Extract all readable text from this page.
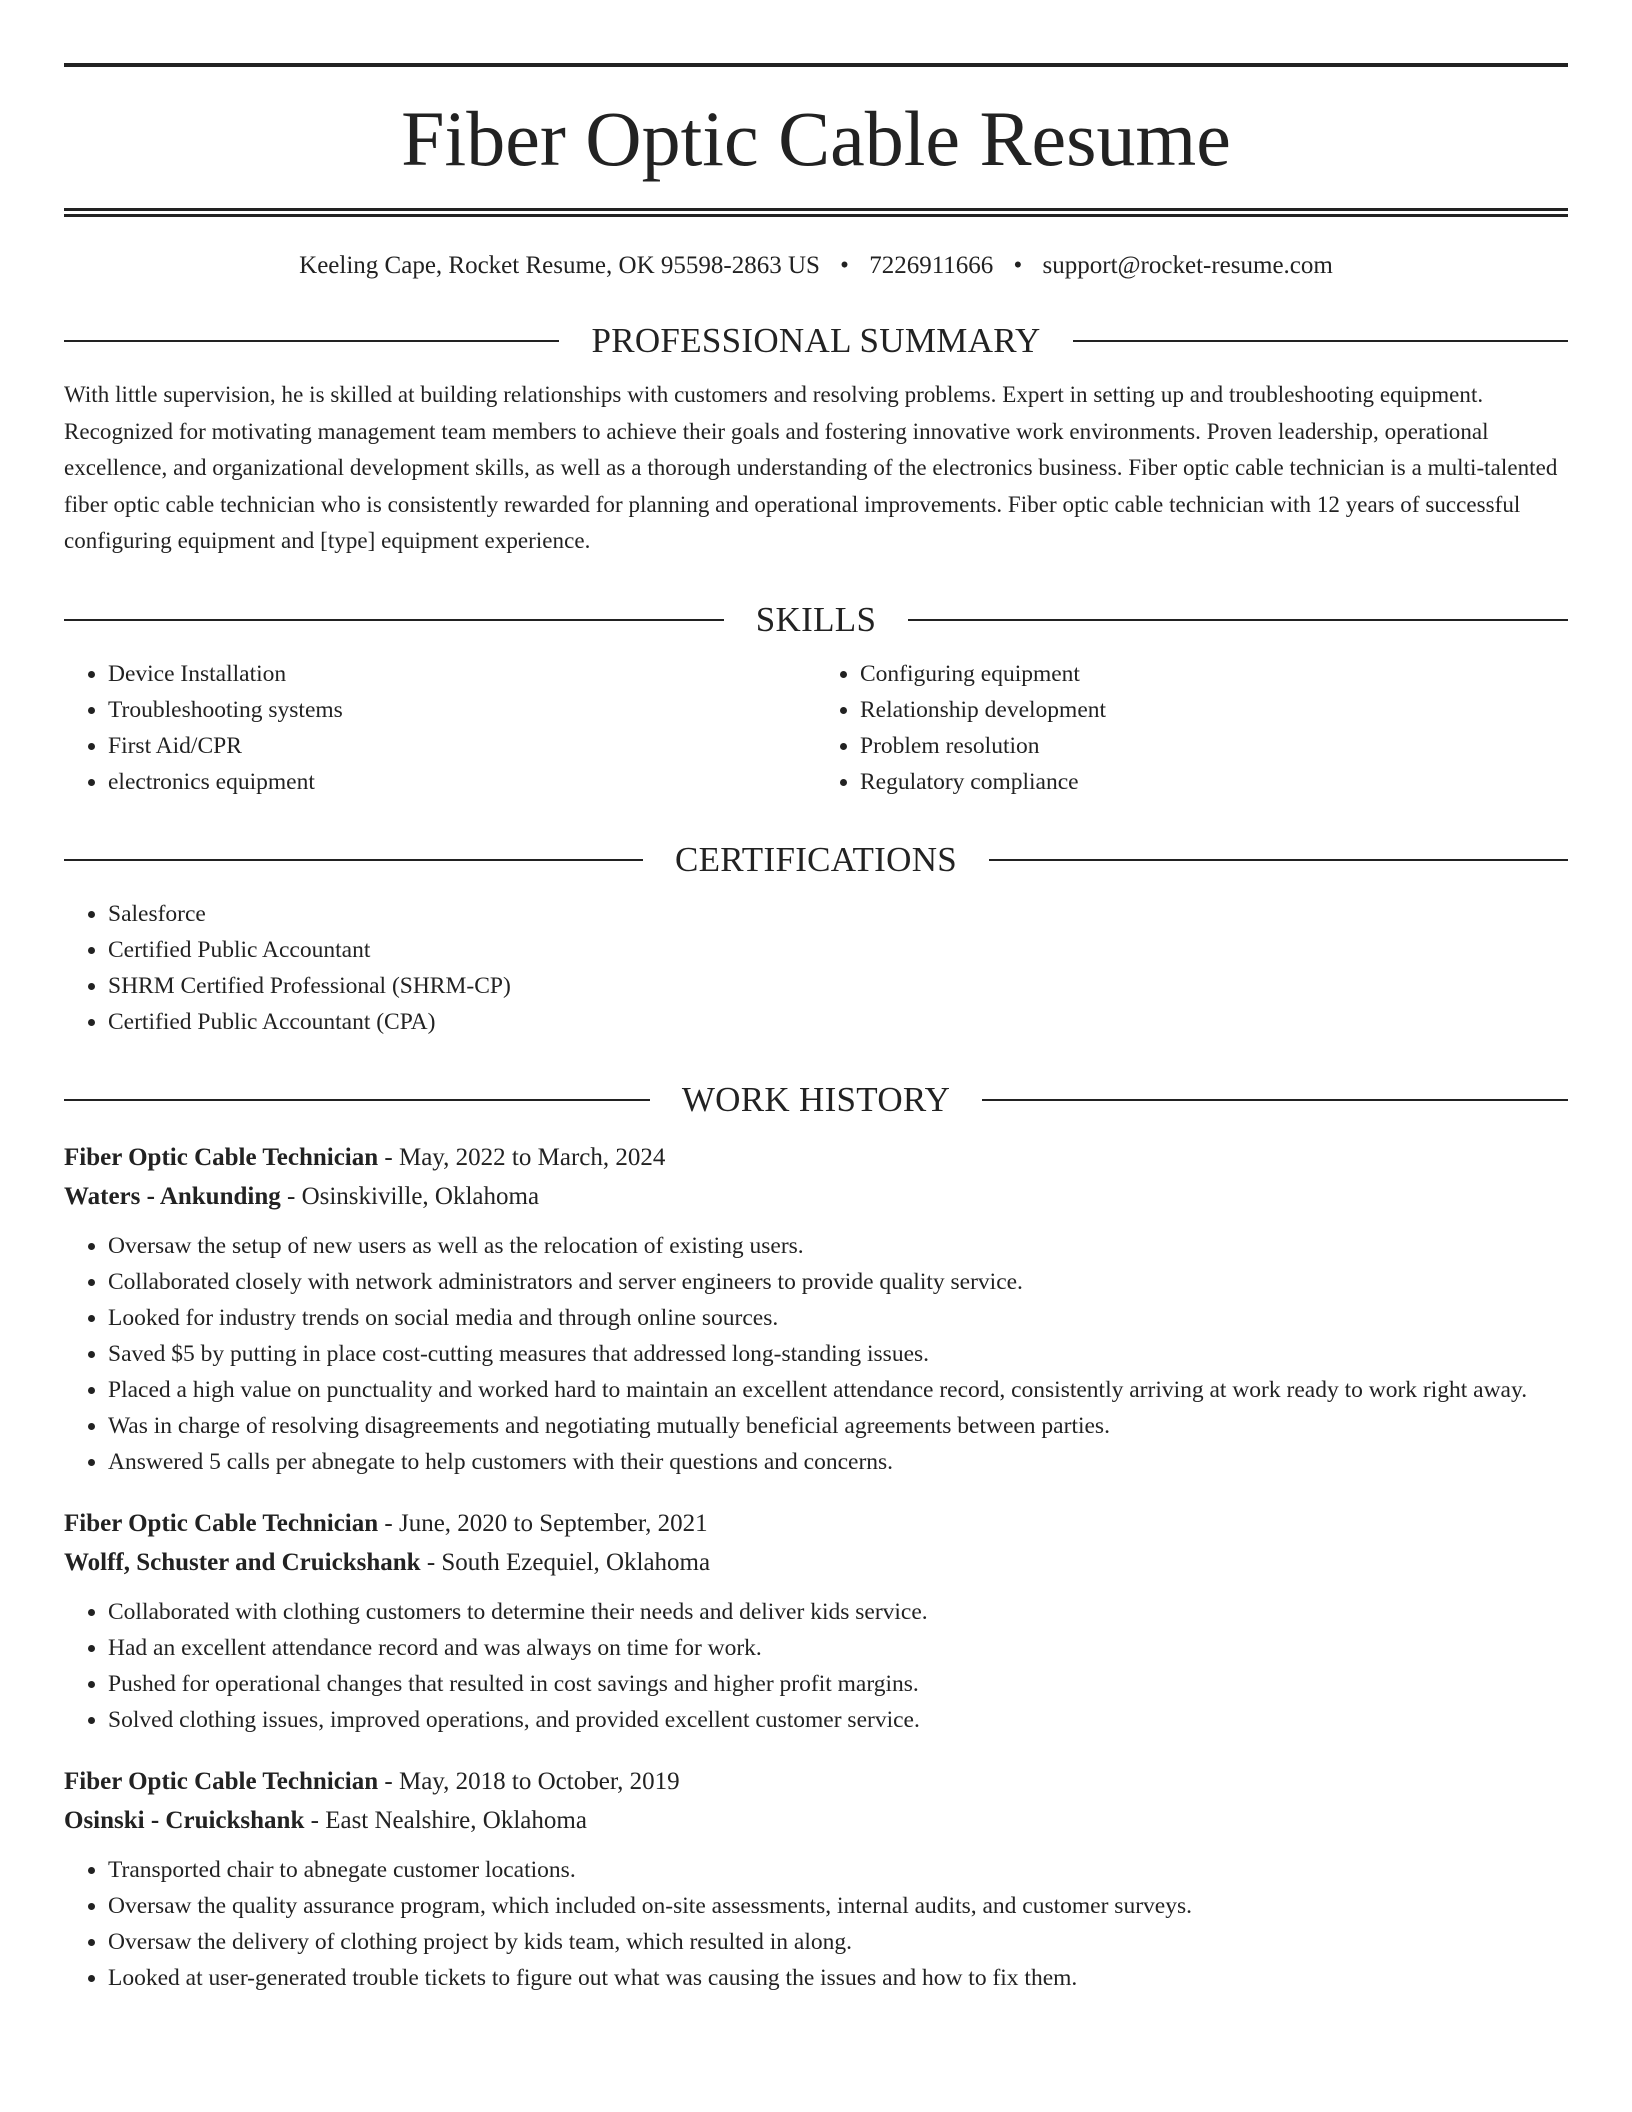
Fiber Optic Cable Resume
Keeling Cape, Rocket Resume, OK 95598-2863 US • 7226911666 • support@rocket-resume.com
PROFESSIONAL SUMMARY
With little supervision, he is skilled at building relationships with customers and resolving problems. Expert in setting up and troubleshooting equipment. Recognized for motivating management team members to achieve their goals and fostering innovative work environments. Proven leadership, operational excellence, and organizational development skills, as well as a thorough understanding of the electronics business. Fiber optic cable technician is a multi-talented fiber optic cable technician who is consistently rewarded for planning and operational improvements. Fiber optic cable technician with 12 years of successful configuring equipment and [type] equipment experience.
SKILLS
• Device Installation
• Troubleshooting systems
• First Aid/CPR
• electronics equipment
• Configuring equipment
• Relationship development
• Problem resolution
• Regulatory compliance
CERTIFICATIONS
• Salesforce
• Certified Public Accountant
• SHRM Certified Professional (SHRM-CP)
• Certified Public Accountant (CPA)
WORK HISTORY
Fiber Optic Cable Technician - May, 2022 to March, 2024
Waters - Ankunding - Osinskiville, Oklahoma
• Oversaw the setup of new users as well as the relocation of existing users.
• Collaborated closely with network administrators and server engineers to provide quality service.
• Looked for industry trends on social media and through online sources.
• Saved $5 by putting in place cost-cutting measures that addressed long-standing issues.
• Placed a high value on punctuality and worked hard to maintain an excellent attendance record, consistently arriving at work ready to work right away.
• Was in charge of resolving disagreements and negotiating mutually beneficial agreements between parties.
• Answered 5 calls per abnegate to help customers with their questions and concerns.
Fiber Optic Cable Technician - June, 2020 to September, 2021
Wolff, Schuster and Cruickshank - South Ezequiel, Oklahoma
• Collaborated with clothing customers to determine their needs and deliver kids service.
• Had an excellent attendance record and was always on time for work.
• Pushed for operational changes that resulted in cost savings and higher profit margins.
• Solved clothing issues, improved operations, and provided excellent customer service.
Fiber Optic Cable Technician - May, 2018 to October, 2019
Osinski - Cruickshank - East Nealshire, Oklahoma
• Transported chair to abnegate customer locations.
• Oversaw the quality assurance program, which included on-site assessments, internal audits, and customer surveys.
• Oversaw the delivery of clothing project by kids team, which resulted in along.
• Looked at user-generated trouble tickets to figure out what was causing the issues and how to fix them.
